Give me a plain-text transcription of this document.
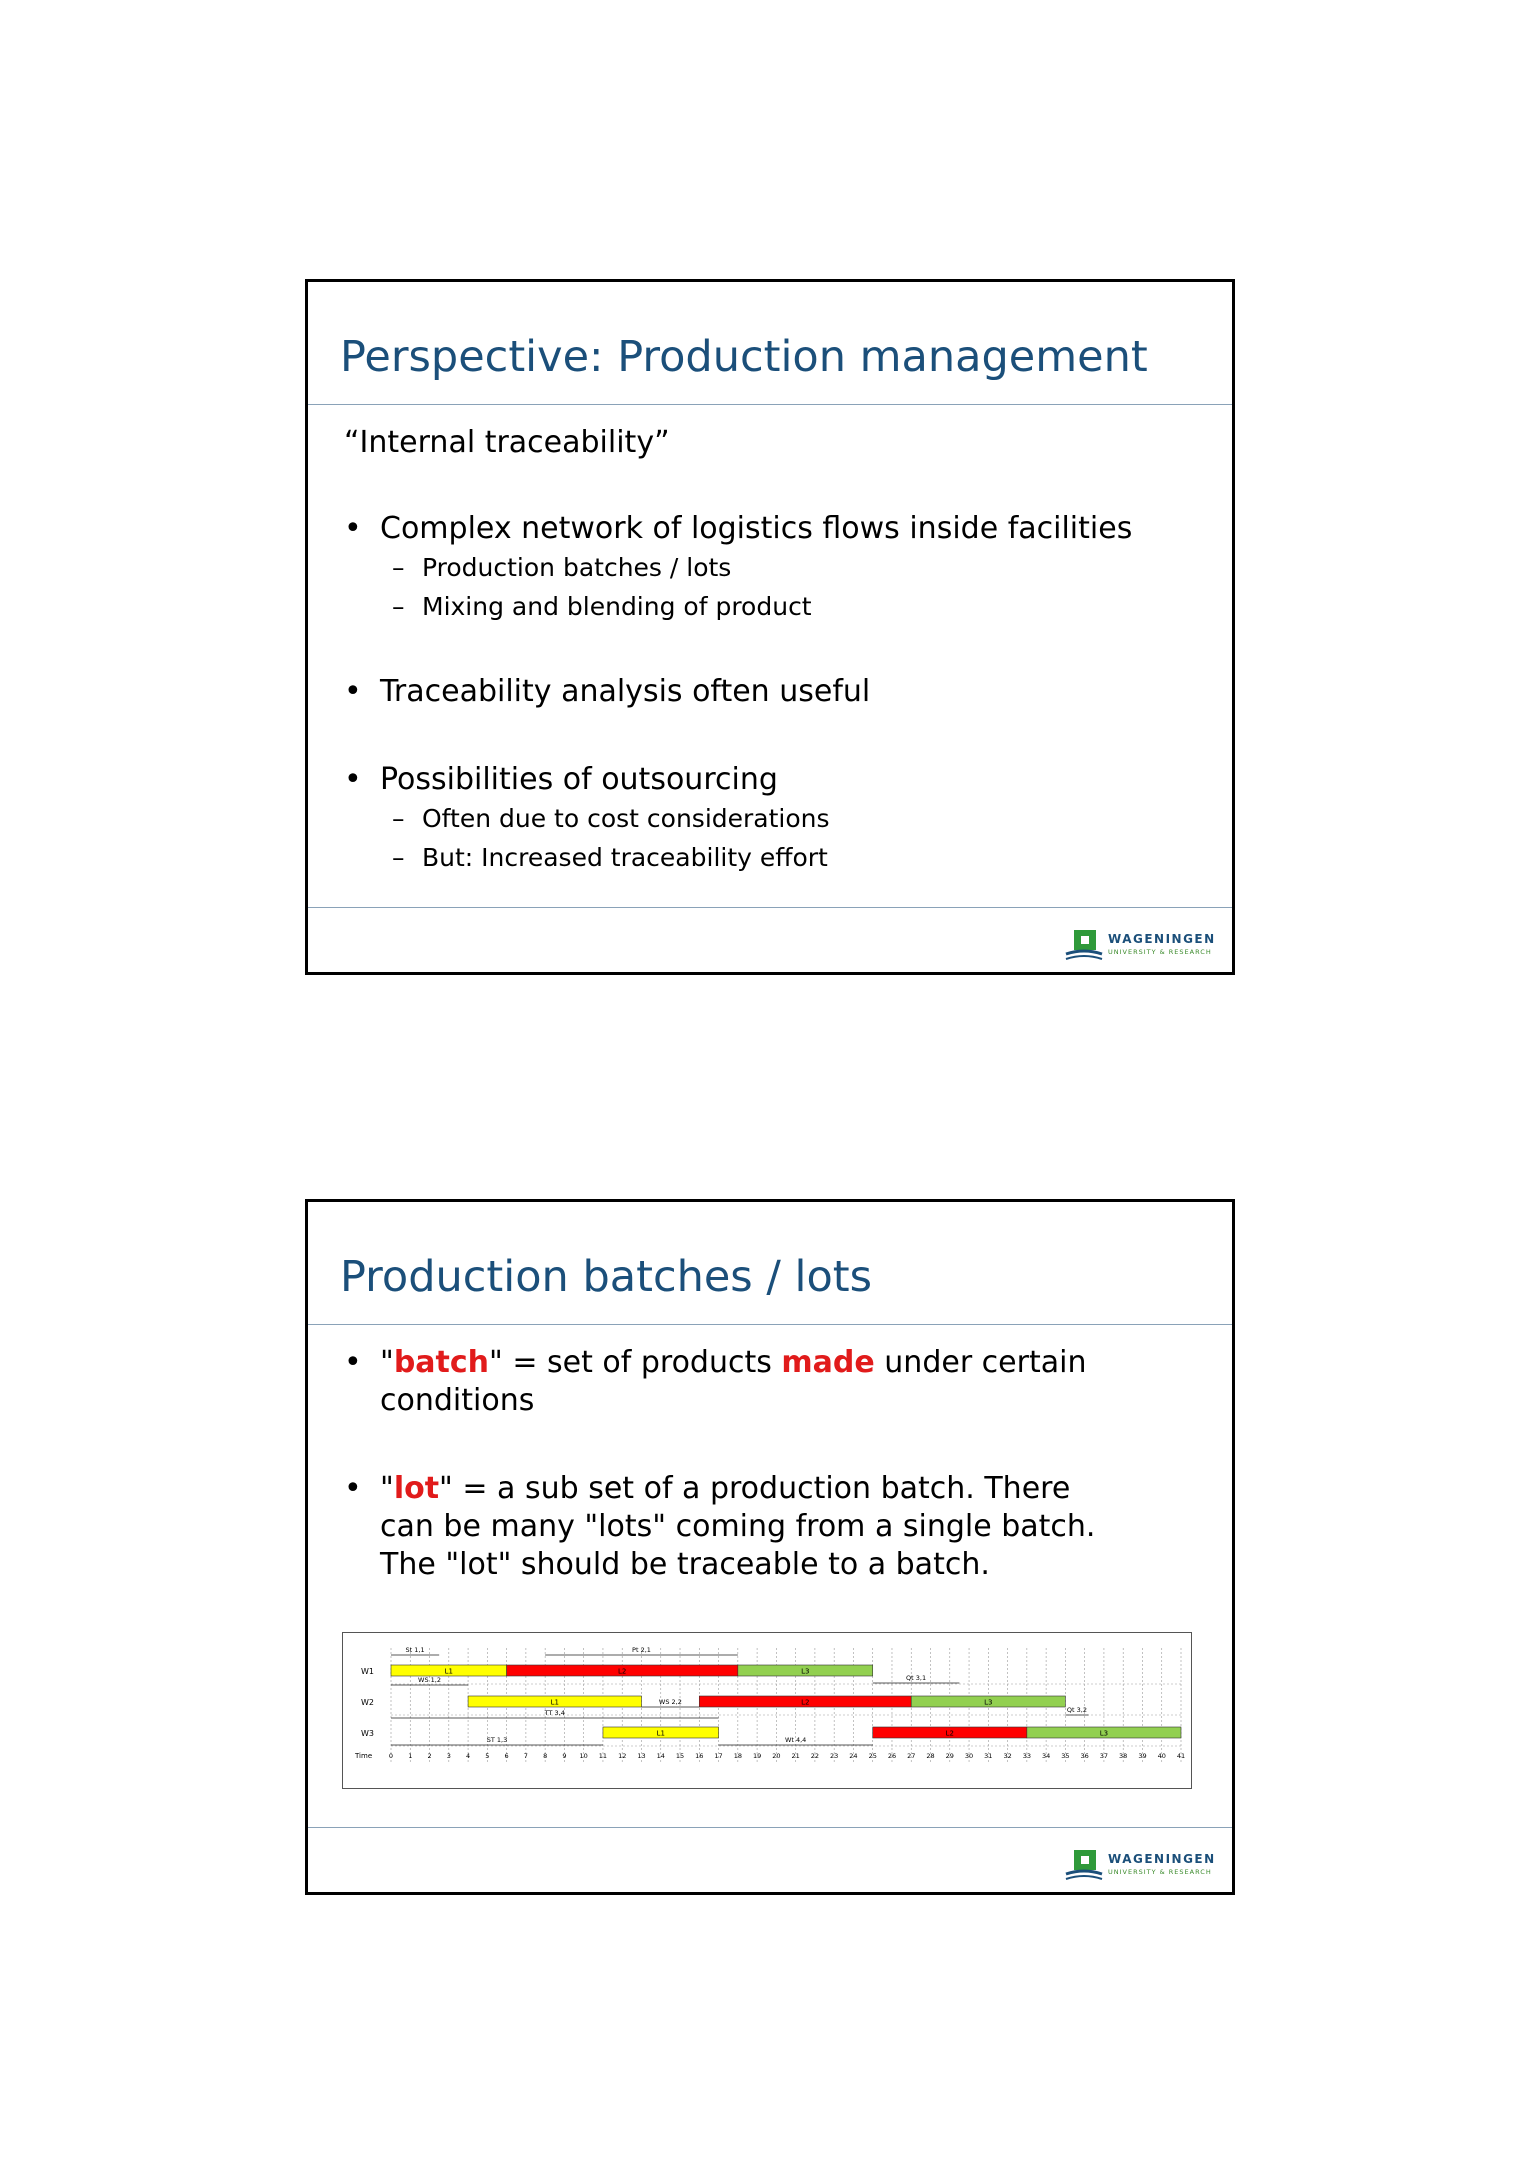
Perspective: Production management
“Internal traceability”
• Complex network of logistics flows inside facilities
– Production batches / lots
– Mixing and blending of product
• Traceability analysis often useful
• Possibilities of outsourcing
– Often due to cost considerations
– But: Increased traceability effort
WAGENINGEN
UNIVERSITY & RESEARCH
Production batches / lots
• "batch" = set of products made under certain
conditions
• "lot" = a sub set of a production batch. There
can be many "lots" coming from a single batch.
The "lot" should be traceable to a batch.
W1	L1	L2	L3
W2	L1	L2	L3
W3	L1	L2	L3
Time	0 1 2 3 4 5 6 7 8 9 10 11 12 13 14 15 16 17 18 19 20 21 22 23 24 25 26 27 28 29 30 31 32 33 34 35 36 37 38 39 40 41
St 1,1	Pt 2,1
Qt 3,1
WS 1,2
WS 2,2
Qt 3,2
TT 3,4
Wt 4,4
ST 1,3
WAGENINGEN
UNIVERSITY & RESEARCH
